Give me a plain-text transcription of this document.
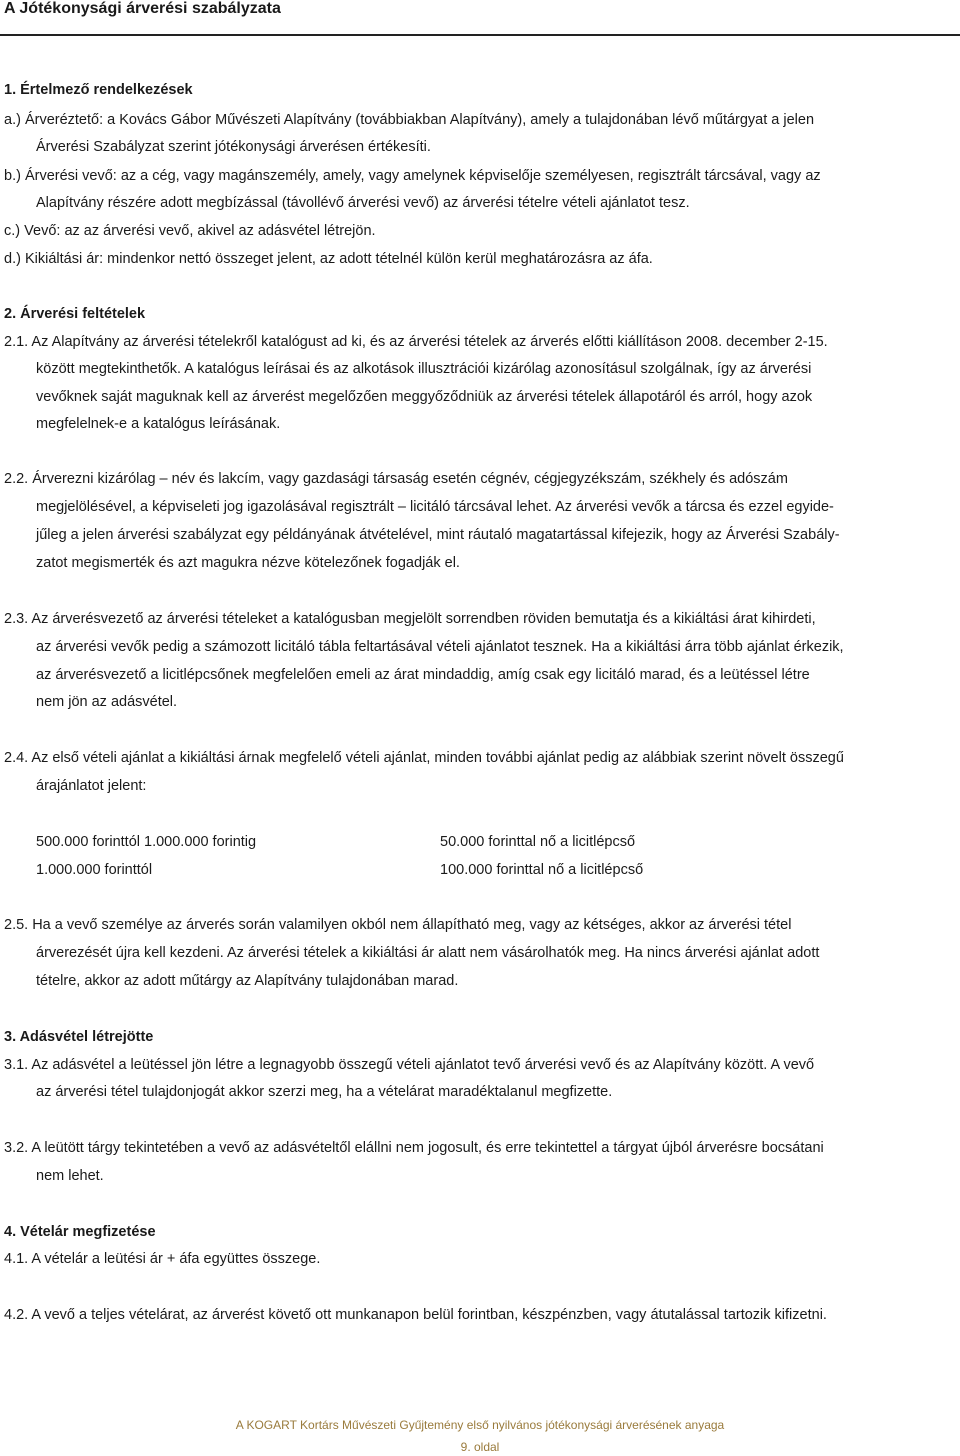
A Jótékonysági árverési szabályzata
1. Értelmező rendelkezések
a.) Árveréztető: a Kovács Gábor Művészeti Alapítvány (továbbiakban Alapítvány), amely a tulajdonában lévő műtárgyat a jelen
Árverési Szabályzat szerint jótékonysági árverésen értékesíti.
b.) Árverési vevő: az a cég, vagy magánszemély, amely, vagy amelynek képviselője személyesen, regisztrált tárcsával, vagy az
Alapítvány részére adott megbízással (távollévő árverési vevő) az árverési tételre vételi ajánlatot tesz.
c.) Vevő: az az árverési vevő, akivel az adásvétel létrejön.
d.) Kikiáltási ár: mindenkor nettó összeget jelent, az adott tételnél külön kerül meghatározásra az áfa.
2. Árverési feltételek
2.1. Az Alapítvány az árverési tételekről katalógust ad ki, és az árverési tételek az árverés előtti kiállításon 2008. december 2-15.
között megtekinthetők. A katalógus leírásai és az alkotások illusztrációi kizárólag azonosításul szolgálnak, így az árverési
vevőknek saját maguknak kell az árverést megelőzően meggyőződniük az árverési tételek állapotáról és arról, hogy azok
megfelelnek-e a katalógus leírásának.
2.2. Árverezni kizárólag – név és lakcím, vagy gazdasági társaság esetén cégnév, cégjegyzékszám, székhely és adószám
megjelölésével, a képviseleti jog igazolásával regisztrált – licitáló tárcsával lehet. Az árverési vevők a tárcsa és ezzel egyide-
jűleg a jelen árverési szabályzat egy példányának átvételével, mint ráutaló magatartással kifejezik, hogy az Árverési Szabály-
zatot megismerték és azt magukra nézve kötelezőnek fogadják el.
2.3. Az árverésvezető az árverési tételeket a katalógusban megjelölt sorrendben röviden bemutatja és a kikiáltási árat kihirdeti,
az árverési vevők pedig a számozott licitáló tábla feltartásával vételi ajánlatot tesznek. Ha a kikiáltási árra több ajánlat érkezik,
az árverésvezető a licitlépcsőnek megfelelően emeli az árat mindaddig, amíg csak egy licitáló marad, és a leütéssel létre
nem jön az adásvétel.
2.4. Az első vételi ajánlat a kikiáltási árnak megfelelő vételi ajánlat, minden további ajánlat pedig az alábbiak szerint növelt összegű
árajánlatot jelent:
500.000 forinttól 1.000.000 forintig	50.000 forinttal nő a licitlépcső
1.000.000 forinttól	100.000 forinttal nő a licitlépcső
2.5. Ha a vevő személye az árverés során valamilyen okból nem állapítható meg, vagy az kétséges, akkor az árverési tétel
árverezését újra kell kezdeni. Az árverési tételek a kikiáltási ár alatt nem vásárolhatók meg. Ha nincs árverési ajánlat adott
tételre, akkor az adott műtárgy az Alapítvány tulajdonában marad.
3. Adásvétel létrejötte
3.1. Az adásvétel a leütéssel jön létre a legnagyobb összegű vételi ajánlatot tevő árverési vevő és az Alapítvány között. A vevő
az árverési tétel tulajdonjogát akkor szerzi meg, ha a vételárat maradéktalanul megfizette.
3.2. A leütött tárgy tekintetében a vevő az adásvételtől elállni nem jogosult, és erre tekintettel a tárgyat újból árverésre bocsátani
nem lehet.
4. Vételár megfizetése
4.1. A vételár a leütési ár + áfa együttes összege.
4.2. A vevő a teljes vételárat, az árverést követő ott munkanapon belül forintban, készpénzben, vagy átutalással tartozik kifizetni.
A KOGART Kortárs Művészeti Gyűjtemény első nyilvános jótékonysági árverésének anyaga
9. oldal
